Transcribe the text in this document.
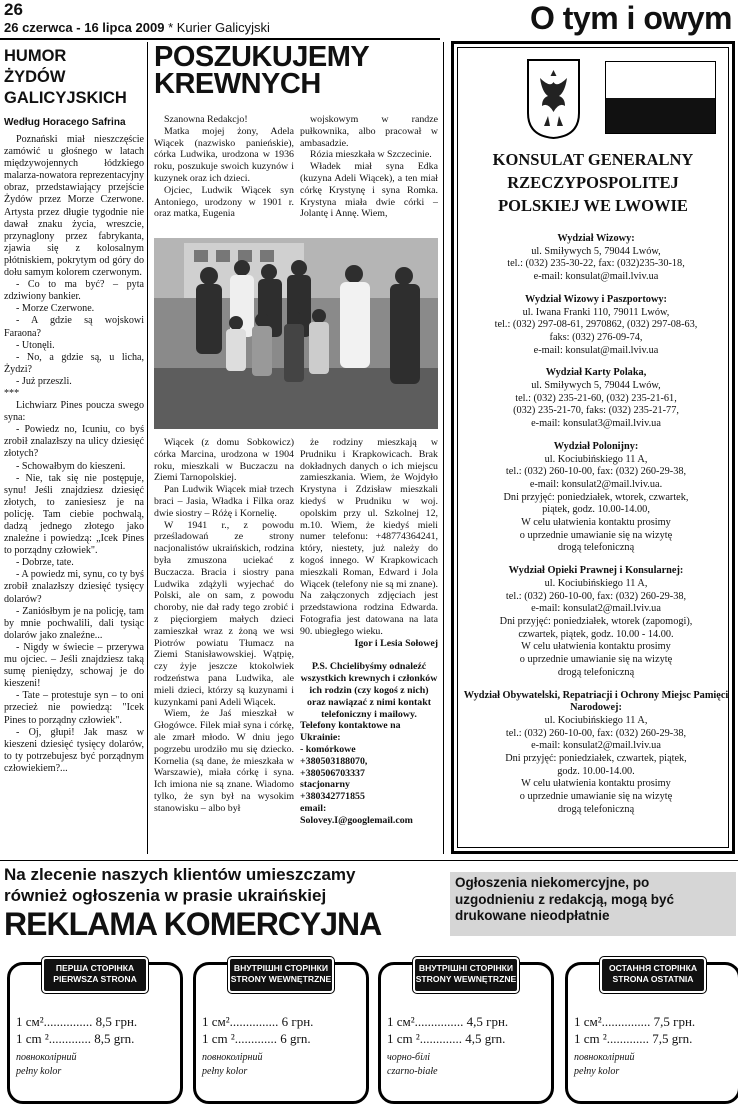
26
26 czerwca - 16 lipca 2009 * Kurier Galicyjski	O tym i owym
HUMOR
ŻYDÓW
GALICYJSKICH
Według Horacego Safrina

Poznański miał nieszczęście zamówić u głośnego w latach międzywojennych łódzkiego malarza-nowatora reprezentacyjny obraz, przedstawiający przejście Żydów przez Morze Czerwone. Artysta przez długie tygodnie nie dawał znaku życia, wreszcie, przynaglony przez fabrykanta, zjawia się z kolosalnym płótniskiem, pokrytym od góry do dołu samym kolorem czerwonym.

- Co to ma być? – pyta zdziwiony bankier.

- Morze Czerwone.

- A gdzie są wojskowi Faraona?

- Utonęli.

- No, a gdzie są, u licha, Żydzi?

- Już przeszli.

***

Lichwiarz Pines poucza swego syna:

- Powiedz no, Icuniu, co byś zrobił znalazłszy na ulicy dziesięć złotych?

- Schowałbym do kieszeni.

- Nie, tak się nie postępuje, synu! Jeśli znajdziesz dziesięć złotych, to zaniesiesz je na policję. Tam ciebie pochwalą, dadzą jednego złotego jako znaleźne i powiedzą: „Icek Pines to porządny człowiek".

- Dobrze, tate.

- A powiedz mi, synu, co ty byś zrobił znalazłszy dziesięć tysięcy dolarów?

- Zaniósłbym je na policję, tam by mnie pochwalili, dali tysiąc dolarów jako znaleźne...

- Nigdy w świecie – przerywa mu ojciec. – Jeśli znajdziesz taką sumę pieniędzy, schowaj je do kieszeni!

- Tate – protestuje syn – to oni przecież nie powiedzą: "Icek Pines to porządny człowiek".

- Oj, głupi! Jak masz w kieszeni dziesięć tysięcy dolarów, to ty potrzebujesz być porządnym człowiekiem?...

POSZUKUJEMY
KREWNYCH

Szanowna Redakcjo!

Matka mojej żony, Adela Wiącek (nazwisko panieńskie), córka Ludwika, urodzona w 1936 roku, poszukuje swoich kuzynów i kuzynek oraz ich dzieci.

Ojciec, Ludwik Wiącek syn Antoniego, urodzony w 1901 r. oraz matka, Eugenia

wojskowym w randze pułkownika, albo pracował w ambasadzie.

Rózia mieszkała w Szczecinie.

Władek miał syna Edka (kuzyna Adeli Wiącek), a ten miał córkę Krystynę i syna Romka. Krystyna miała dwie córki – Jolantę i Annę. Wiem,

Wiącek (z domu Sobkowicz) córka Marcina, urodzona w 1904 roku, mieszkali w Buczaczu na Ziemi Tarnopolskiej.

Pan Ludwik Wiącek miał trzech braci – Jasia, Władka i Filka oraz dwie siostry – Różę i Kornelię.

W 1941 r., z powodu prześladowań ze strony nacjonalistów ukraińskich, rodzina była zmuszona uciekać z Buczacza. Bracia i siostry pana Ludwika zdążyli wyjechać do Polski, ale on sam, z powodu choroby, nie dał rady tego zrobić i z pięciorgiem małych dzieci zamieszkał wraz z żoną we wsi Piotrów powiatu Tłumacz na Ziemi Stanisławowskiej. Wątpię, czy żyje jeszcze ktokolwiek rodzeństwa pana Ludwika, ale mieli dzieci, którzy są kuzynami i kuzynkami pani Adeli Wiącek.

Wiem, że Jaś mieszkał w Głogówce. Filek miał syna i córkę, ale zmarł młodo. W dniu jego pogrzebu urodziło mu się dziecko. Kornelia (są dane, że mieszkała w Warszawie), miała córkę i syna. Ich imiona nie są znane. Wiadomo tylko, że syn był na wysokim stanowisku – albo był

że rodziny mieszkają w Prudniku i Krapkowicach. Brak dokładnych danych o ich miejscu zamieszkania. Wiem, że Wojdyło Krystyna i Zdzisław mieszkali kiedyś w Prudniku w woj. opolskim przy ul. Szkolnej 12, m.10. Wiem, że kiedyś mieli numer telefonu: +48774364241, który, niestety, już należy do kogoś innego. W Krapkowicach mieszkali Roman, Edward i Jola Wiącek (telefony nie są mi znane). Na załączonych zdjęciach jest przedstawiona rodzina Edwarda. Fotografia jest datowana na lata 90. ubiegłego wieku.

Igor i Lesia Sołowej

P.S. Chcielibyśmy odnaleźć wszystkich krewnych i członków ich rodzin (czy kogoś z nich) oraz nawiązać z nimi kontakt telefoniczny i mailowy.

Telefony kontaktowe na Ukrainie:
- komórkowe
+380503188070,
+380506703337
stacjonarny
+380342771855
email:
Solovey.I@googlemail.com
KONSULAT GENERALNY
RZECZYPOSPOLITEJ
POLSKIEJ WE LWOWIE
Wydział Wizowy:
ul. Smiływych 5, 79044 Lwów,
tel.: (032) 235-30-22, fax: (032)235-30-18,
e-mail: konsulat@mail.lviv.ua
Wydział Wizowy i Paszportowy:
ul. Iwana Franki 110, 79011 Lwów,
tel.: (032) 297-08-61, 2970862, (032) 297-08-63,
faks: (032) 276-09-74,
e-mail: konsulat@mail.lviv.ua
Wydział Karty Polaka,
ul. Smiływych 5, 79044 Lwów,
tel.: (032) 235-21-60, (032) 235-21-61,
(032) 235-21-70, faks: (032) 235-21-77,
e-mail: konsulat3@mail.lviv.ua
Wydział Polonijny:
ul. Kociubińskiego 11 A,
tel.: (032) 260-10-00, fax: (032) 260-29-38,
e-mail: konsulat2@mail.lviv.ua.
Dni przyjęć: poniedziałek, wtorek, czwartek,
piątek, godz. 10.00-14.00,
W celu ułatwienia kontaktu prosimy
o uprzednie umawianie się na wizytę
drogą telefoniczną
Wydział Opieki Prawnej i Konsularnej:
ul. Kociubińskiego 11 A,
tel.: (032) 260-10-00, fax: (032) 260-29-38,
e-mail: konsulat2@mail.lviv.ua
Dni przyjęć: poniedziałek, wtorek (zapomogi),
czwartek, piątek, godz. 10.00 - 14.00.
W celu ułatwienia kontaktu prosimy
o uprzednie umawianie się na wizytę
drogą telefoniczną
Wydział Obywatelski, Repatriacji i Ochrony Miejsc Pamięci Narodowej:
ul. Kociubińskiego 11 A,
tel.: (032) 260-10-00, fax: (032) 260-29-38,
e-mail: konsulat2@mail.lviv.ua
Dni przyjęć: poniedziałek, czwartek, piątek,
godz. 10.00-14.00.
W celu ułatwienia kontaktu prosimy
o uprzednie umawianie się na wizytę
drogą telefoniczną
Na zlecenie naszych klientów umieszczamy
również ogłoszenia w prasie ukraińskiej
REKLAMA KOMERCYJNA
Ogłoszenia niekomercyjne, po uzgodnieniu z redakcją, mogą być drukowane nieodpłatnie
ПЕРША СТОРІНКА
PIERWSZA STRONA
1 см²............... 8,5 грн.
1 cm ²............. 8,5 grn.
повноколірний
pełny kolor
ВНУТРІШНІ СТОРІНКИ
STRONY WEWNĘTRZNE
1 см²............... 6 грн.
1 cm ²............. 6 grn.
повноколірний
pełny kolor
ВНУТРІШНІ СТОРІНКИ
STRONY WEWNĘTRZNE
1 см²............... 4,5 грн.
1 cm ²............. 4,5 grn.
чорно-білі
czarno-białe
ОСТАННЯ СТОРІНКА
STRONA OSTATNIA
1 см²............... 7,5 грн.
1 cm ²............. 7,5 grn.
повноколірний
pełny kolor
